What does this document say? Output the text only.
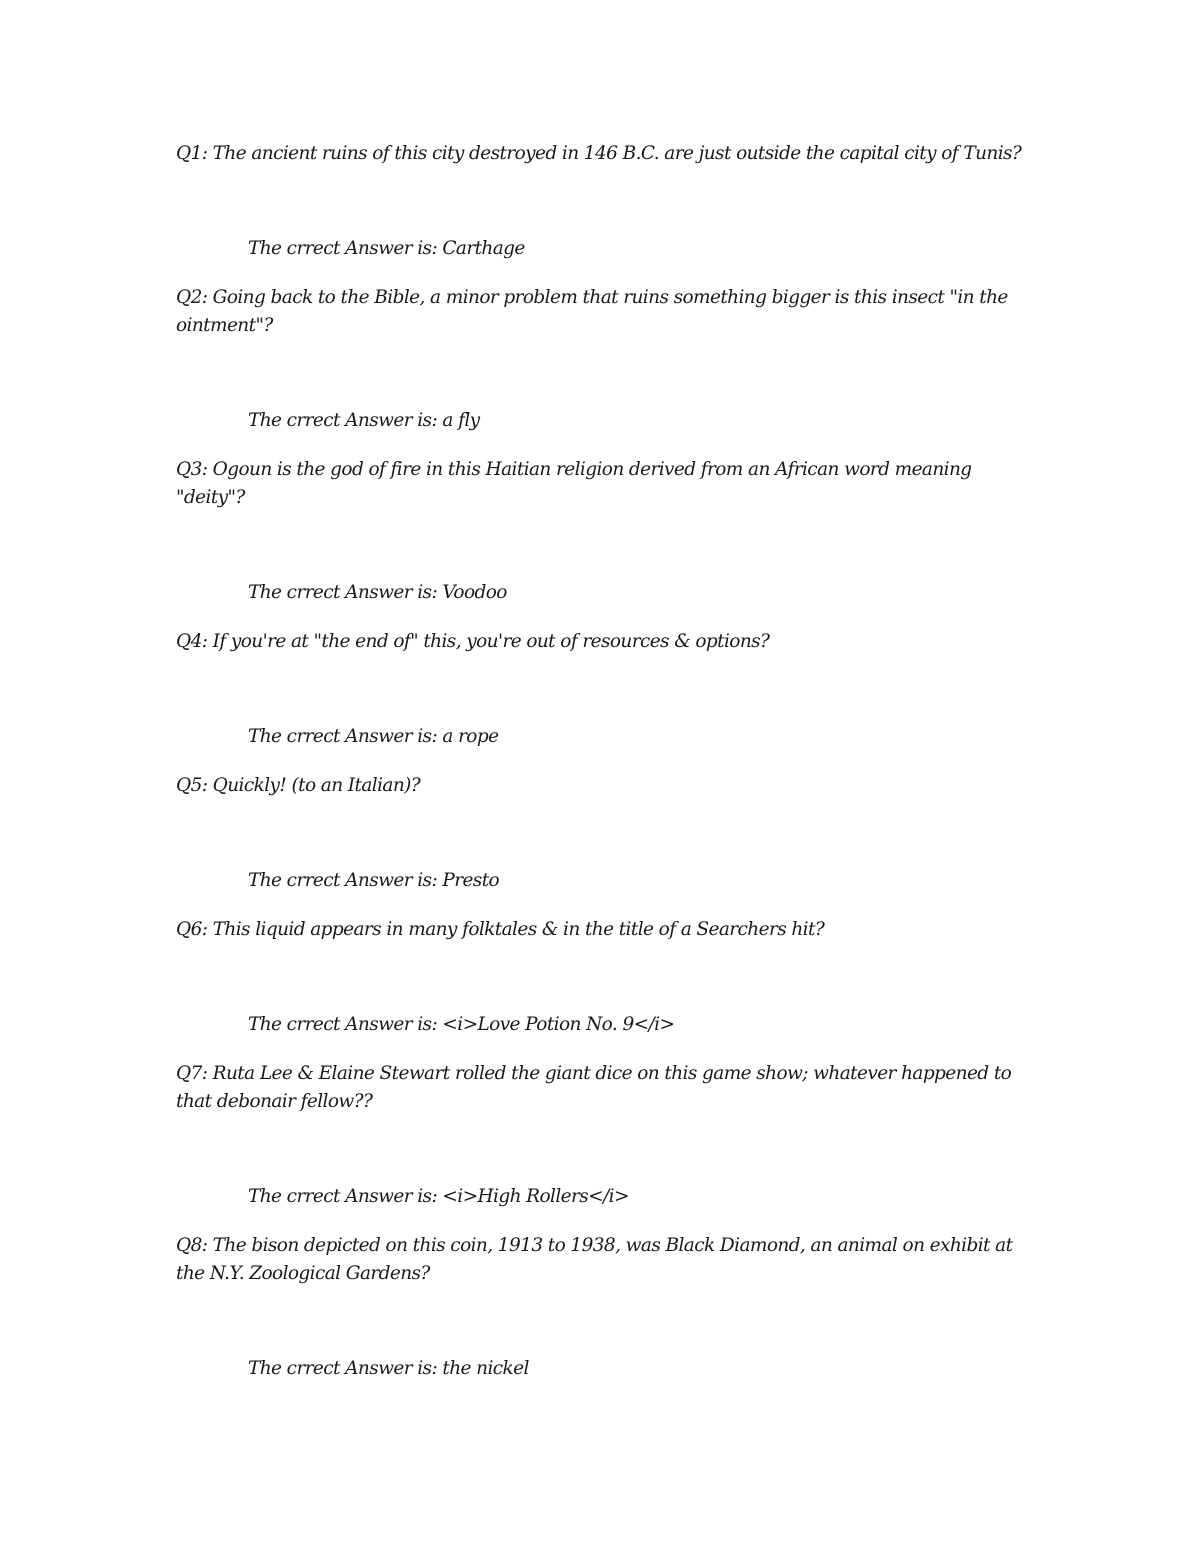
Q1: The ancient ruins of this city destroyed in 146 B.C. are just outside the capital city of Tunis?

The crrect Answer is: Carthage

Q2: Going back to the Bible, a minor problem that ruins something bigger is this insect "in the ointment"?

The crrect Answer is: a fly

Q3: Ogoun is the god of fire in this Haitian religion derived from an African word meaning "deity"?

The crrect Answer is: Voodoo

Q4: If you're at "the end of" this, you're out of resources & options?

The crrect Answer is: a rope

Q5: Quickly! (to an Italian)?

The crrect Answer is: Presto

Q6: This liquid appears in many folktales & in the title of a Searchers hit?

The crrect Answer is: <i>Love Potion No. 9</i>

Q7: Ruta Lee & Elaine Stewart rolled the giant dice on this game show; whatever happened to that debonair fellow??

The crrect Answer is: <i>High Rollers</i>

Q8: The bison depicted on this coin, 1913 to 1938, was Black Diamond, an animal on exhibit at the N.Y. Zoological Gardens?

The crrect Answer is: the nickel
